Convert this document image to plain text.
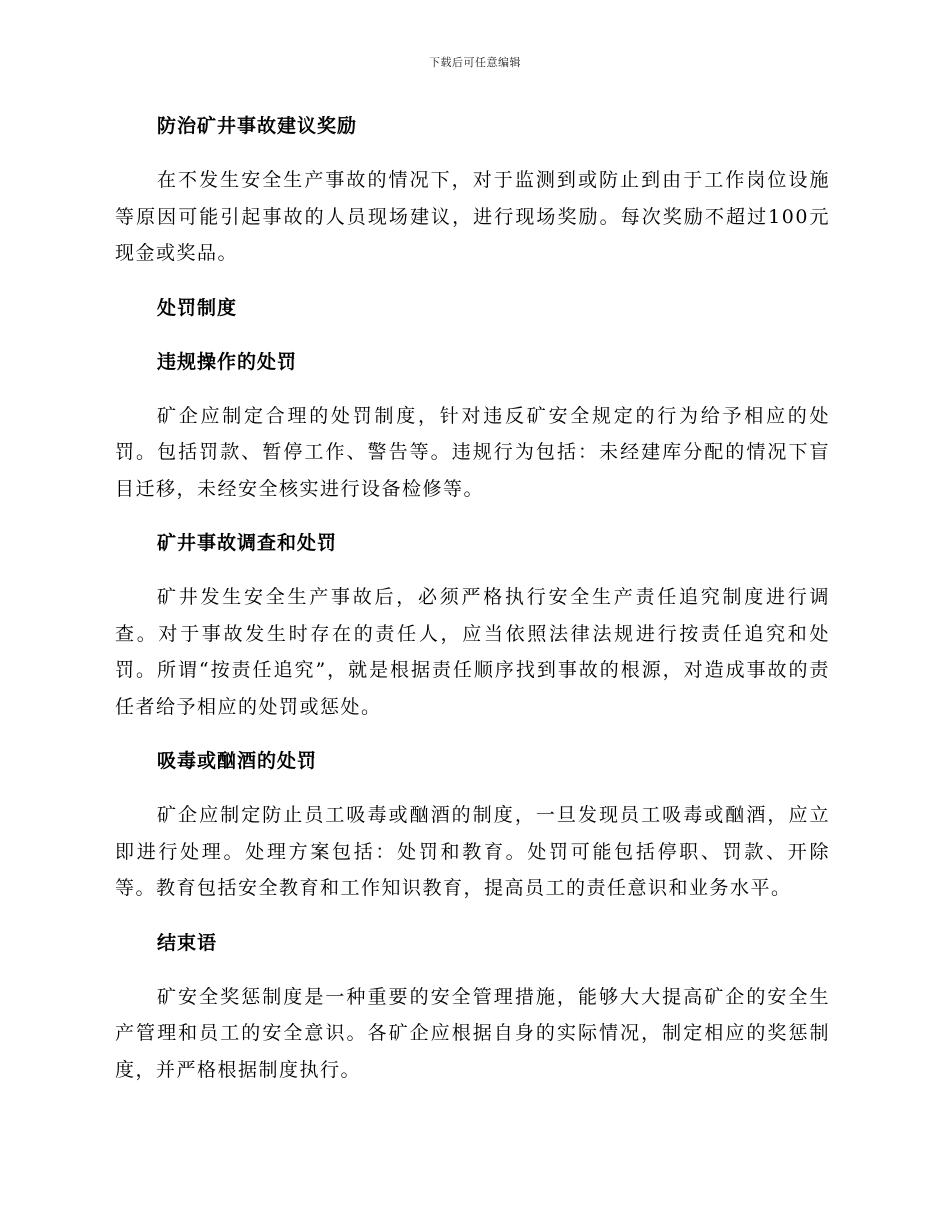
下载后可任意编辑
防治矿井事故建议奖励

在不发生安全生产事故的情况下，对于监测到或防止到由于工作岗位设施等原因可能引起事故的人员现场建议，进行现场奖励。每次奖励不超过100元现金或奖品。

处罚制度
违规操作的处罚

矿企应制定合理的处罚制度，针对违反矿安全规定的行为给予相应的处罚。包括罚款、暂停工作、警告等。违规行为包括：未经建库分配的情况下盲目迁移，未经安全核实进行设备检修等。

矿井事故调查和处罚

矿井发生安全生产事故后，必须严格执行安全生产责任追究制度进行调查。对于事故发生时存在的责任人，应当依照法律法规进行按责任追究和处罚。所谓“按责任追究”，就是根据责任顺序找到事故的根源，对造成事故的责任者给予相应的处罚或惩处。

吸毒或酗酒的处罚

矿企应制定防止员工吸毒或酗酒的制度，一旦发现员工吸毒或酗酒，应立即进行处理。处理方案包括：处罚和教育。处罚可能包括停职、罚款、开除等。教育包括安全教育和工作知识教育，提高员工的责任意识和业务水平。

结束语

矿安全奖惩制度是一种重要的安全管理措施，能够大大提高矿企的安全生产管理和员工的安全意识。各矿企应根据自身的实际情况，制定相应的奖惩制度，并严格根据制度执行。
